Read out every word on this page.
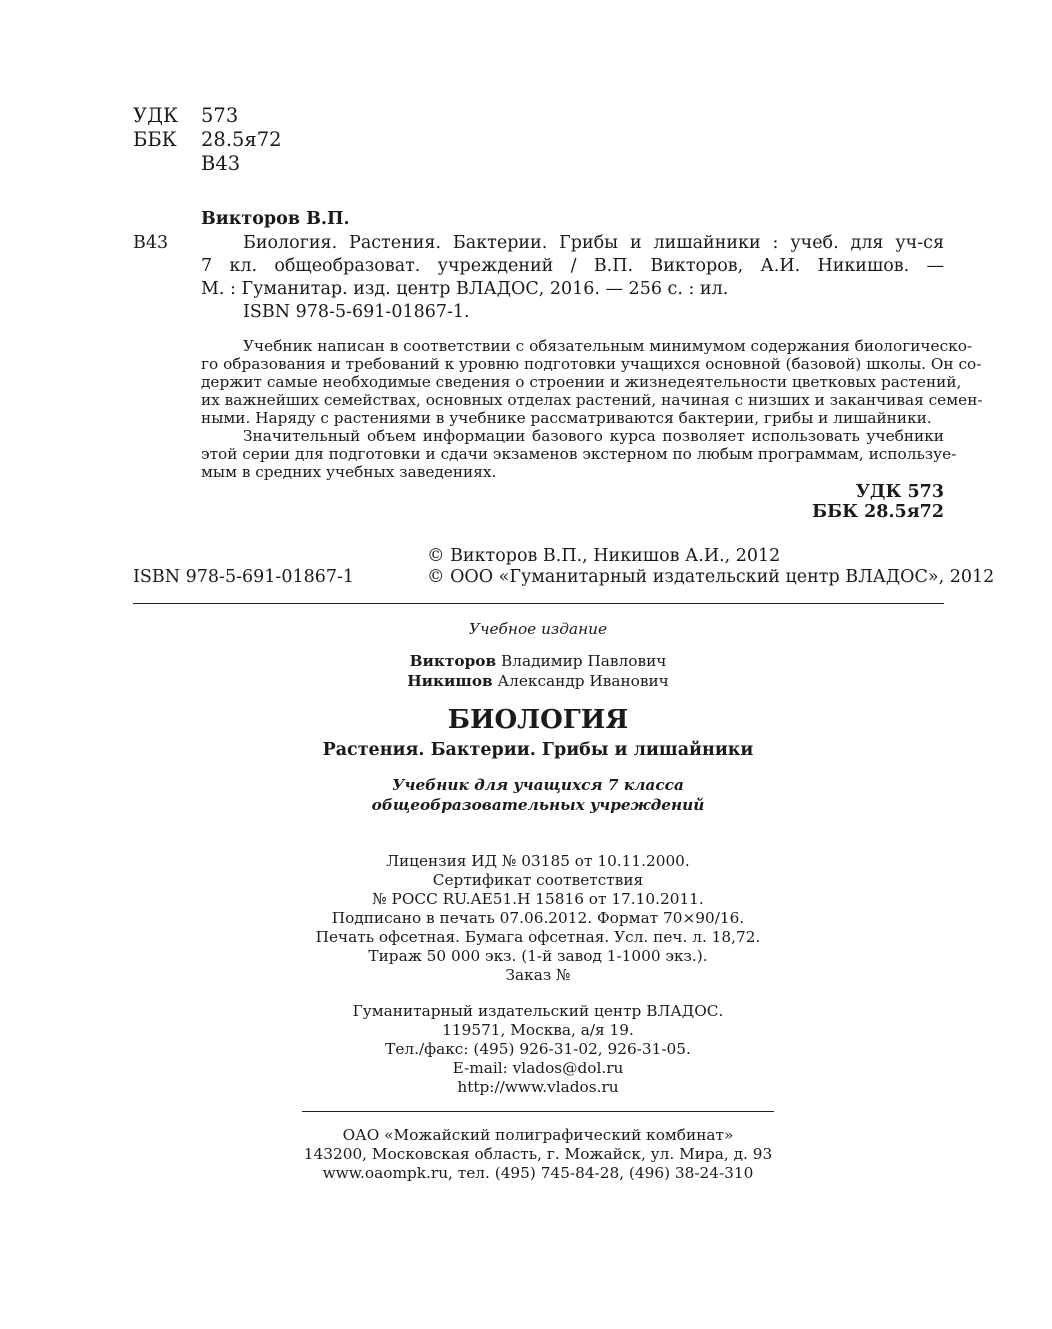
УДК 573
ББК 28.5я72
В43
Викторов В.П.
В43	Биология. Растения. Бактерии. Грибы и лишайники : учеб. для уч-ся
7 кл. общеобразоват. учреждений / В.П. Викторов, А.И. Никишов. —
М. : Гуманитар. изд. центр ВЛАДОС, 2016. — 256 с. : ил.
ISBN 978-5-691-01867-1.
Учебник написан в соответствии с обязательным минимумом содержания биологическо-
го образования и требований к уровню подготовки учащихся основной (базовой) школы. Он со-
держит самые необходимые сведения о строении и жизнедеятельности цветковых растений,
их важнейших семействах, основных отделах растений, начиная с низших и заканчивая семен-
ными. Наряду с растениями в учебнике рассматриваются бактерии, грибы и лишайники.
Значительный объем информации базового курса позволяет использовать учебники
этой серии для подготовки и сдачи экзаменов экстерном по любым программам, используе-
мым в средних учебных заведениях.
УДК 573
ББК 28.5я72
© Викторов В.П., Никишов А.И., 2012
ISBN 978-5-691-01867-1	© ООО «Гуманитарный издательский центр ВЛАДОС», 2012
Учебное издание
Викторов Владимир Павлович
Никишов Александр Иванович
БИОЛОГИЯ
Растения. Бактерии. Грибы и лишайники
Учебник для учащихся 7 класса
общеобразовательных учреждений
Лицензия ИД № 03185 от 10.11.2000.
Сертификат соответствия
№ РОСС RU.AE51.Н 15816 от 17.10.2011.
Подписано в печать 07.06.2012. Формат 70×90/16.
Печать офсетная. Бумага офсетная. Усл. печ. л. 18,72.
Тираж 50 000 экз. (1-й завод 1-1000 экз.).
Заказ №
Гуманитарный издательский центр ВЛАДОС.
119571, Москва, а/я 19.
Тел./факс: (495) 926-31-02, 926-31-05.
E-mail: vlados@dol.ru
http://www.vlados.ru
ОАО «Можайский полиграфический комбинат»
143200, Московская область, г. Можайск, ул. Мира, д. 93
www.oaompk.ru, тел. (495) 745-84-28, (496) 38-24-310
